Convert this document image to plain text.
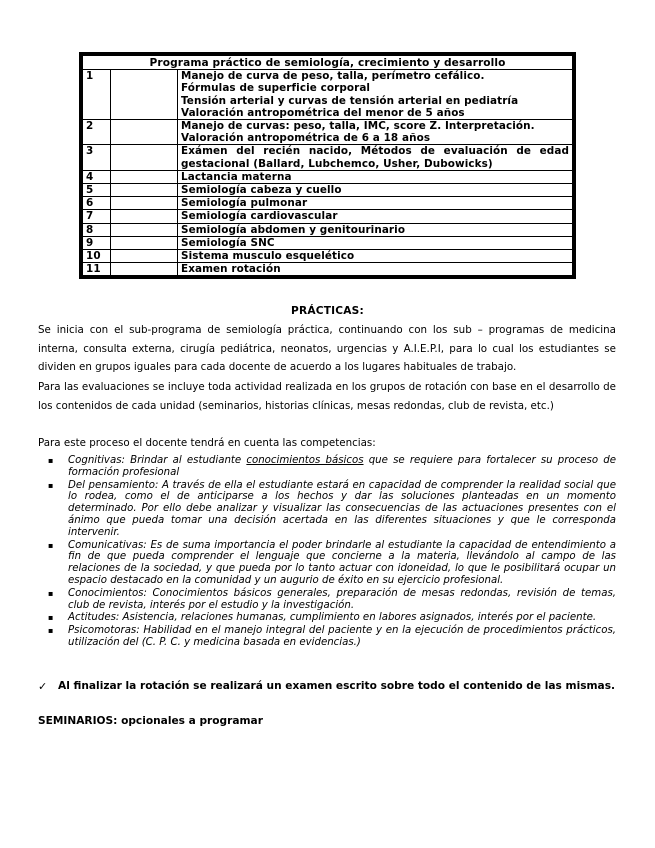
Programa práctico de semiología, crecimiento y desarrollo		
1		Manejo de curva de peso, talla, perímetro cefálico.
Fórmulas de superficie corporal
Tensión arterial y curvas de tensión arterial en pediatría
Valoración antropométrica del menor de 5 años

2		Manejo de curvas: peso, talla, IMC, score Z. Interpretación.
Valoración antropométrica de 6 a 18 años

3		Exámen del recién nacido, Métodos de evaluación de edad gestacional (Ballard, Lubchemco, Usher, Dubowicks)
4		Lactancia materna
5		Semiología cabeza y cuello
6		Semiología pulmonar
7		Semiología cardiovascular
8		Semiología abdomen y genitourinario
9		Semiología SNC
10		Sistema musculo esquelético
11		Examen rotación
PRÁCTICAS:
Se inicia con el sub-programa de semiología práctica, continuando con los sub – programas de medicina interna, consulta externa, cirugía pediátrica, neonatos, urgencias y A.I.E.P.I, para lo cual los estudiantes se dividen en grupos iguales para cada docente de acuerdo a los lugares habituales de trabajo.
Para las evaluaciones se incluye toda actividad realizada en los grupos de rotación con base en el desarrollo de los contenidos de cada unidad (seminarios, historias clínicas, mesas redondas, club de revista, etc.)
Para este proceso el docente tendrá en cuenta las competencias:
▪ Cognitivas: Brindar al estudiante conocimientos básicos que se requiere para fortalecer su proceso de formación profesional
▪ Del pensamiento: A través de ella el estudiante estará en capacidad de comprender la realidad social que lo rodea, como el de anticiparse a los hechos y dar las soluciones planteadas en un momento determinado. Por ello debe analizar y visualizar las consecuencias de las actuaciones presentes con el ánimo que pueda tomar una decisión acertada en las diferentes situaciones y que le corresponda intervenir.
▪ Comunicativas: Es de suma importancia el poder brindarle al estudiante la capacidad de entendimiento a fin de que pueda comprender el lenguaje que concierne a la materia, llevándolo al campo de las relaciones de la sociedad, y que pueda por lo tanto actuar con idoneidad, lo que le posibilitará ocupar un espacio destacado en la comunidad y un augurio de éxito en su ejercicio profesional.
▪ Conocimientos: Conocimientos básicos generales, preparación de mesas redondas, revisión de temas, club de revista, interés por el estudio y la investigación.
▪ Actitudes: Asistencia, relaciones humanas, cumplimiento en labores asignados, interés por el paciente.
▪ Psicomotoras: Habilidad en el manejo integral del paciente y en la ejecución de procedimientos prácticos, utilización del (C. P. C. y medicina basada en evidencias.)
✓ Al finalizar la rotación se realizará un examen escrito sobre todo el contenido de las mismas.
SEMINARIOS: opcionales a programar
